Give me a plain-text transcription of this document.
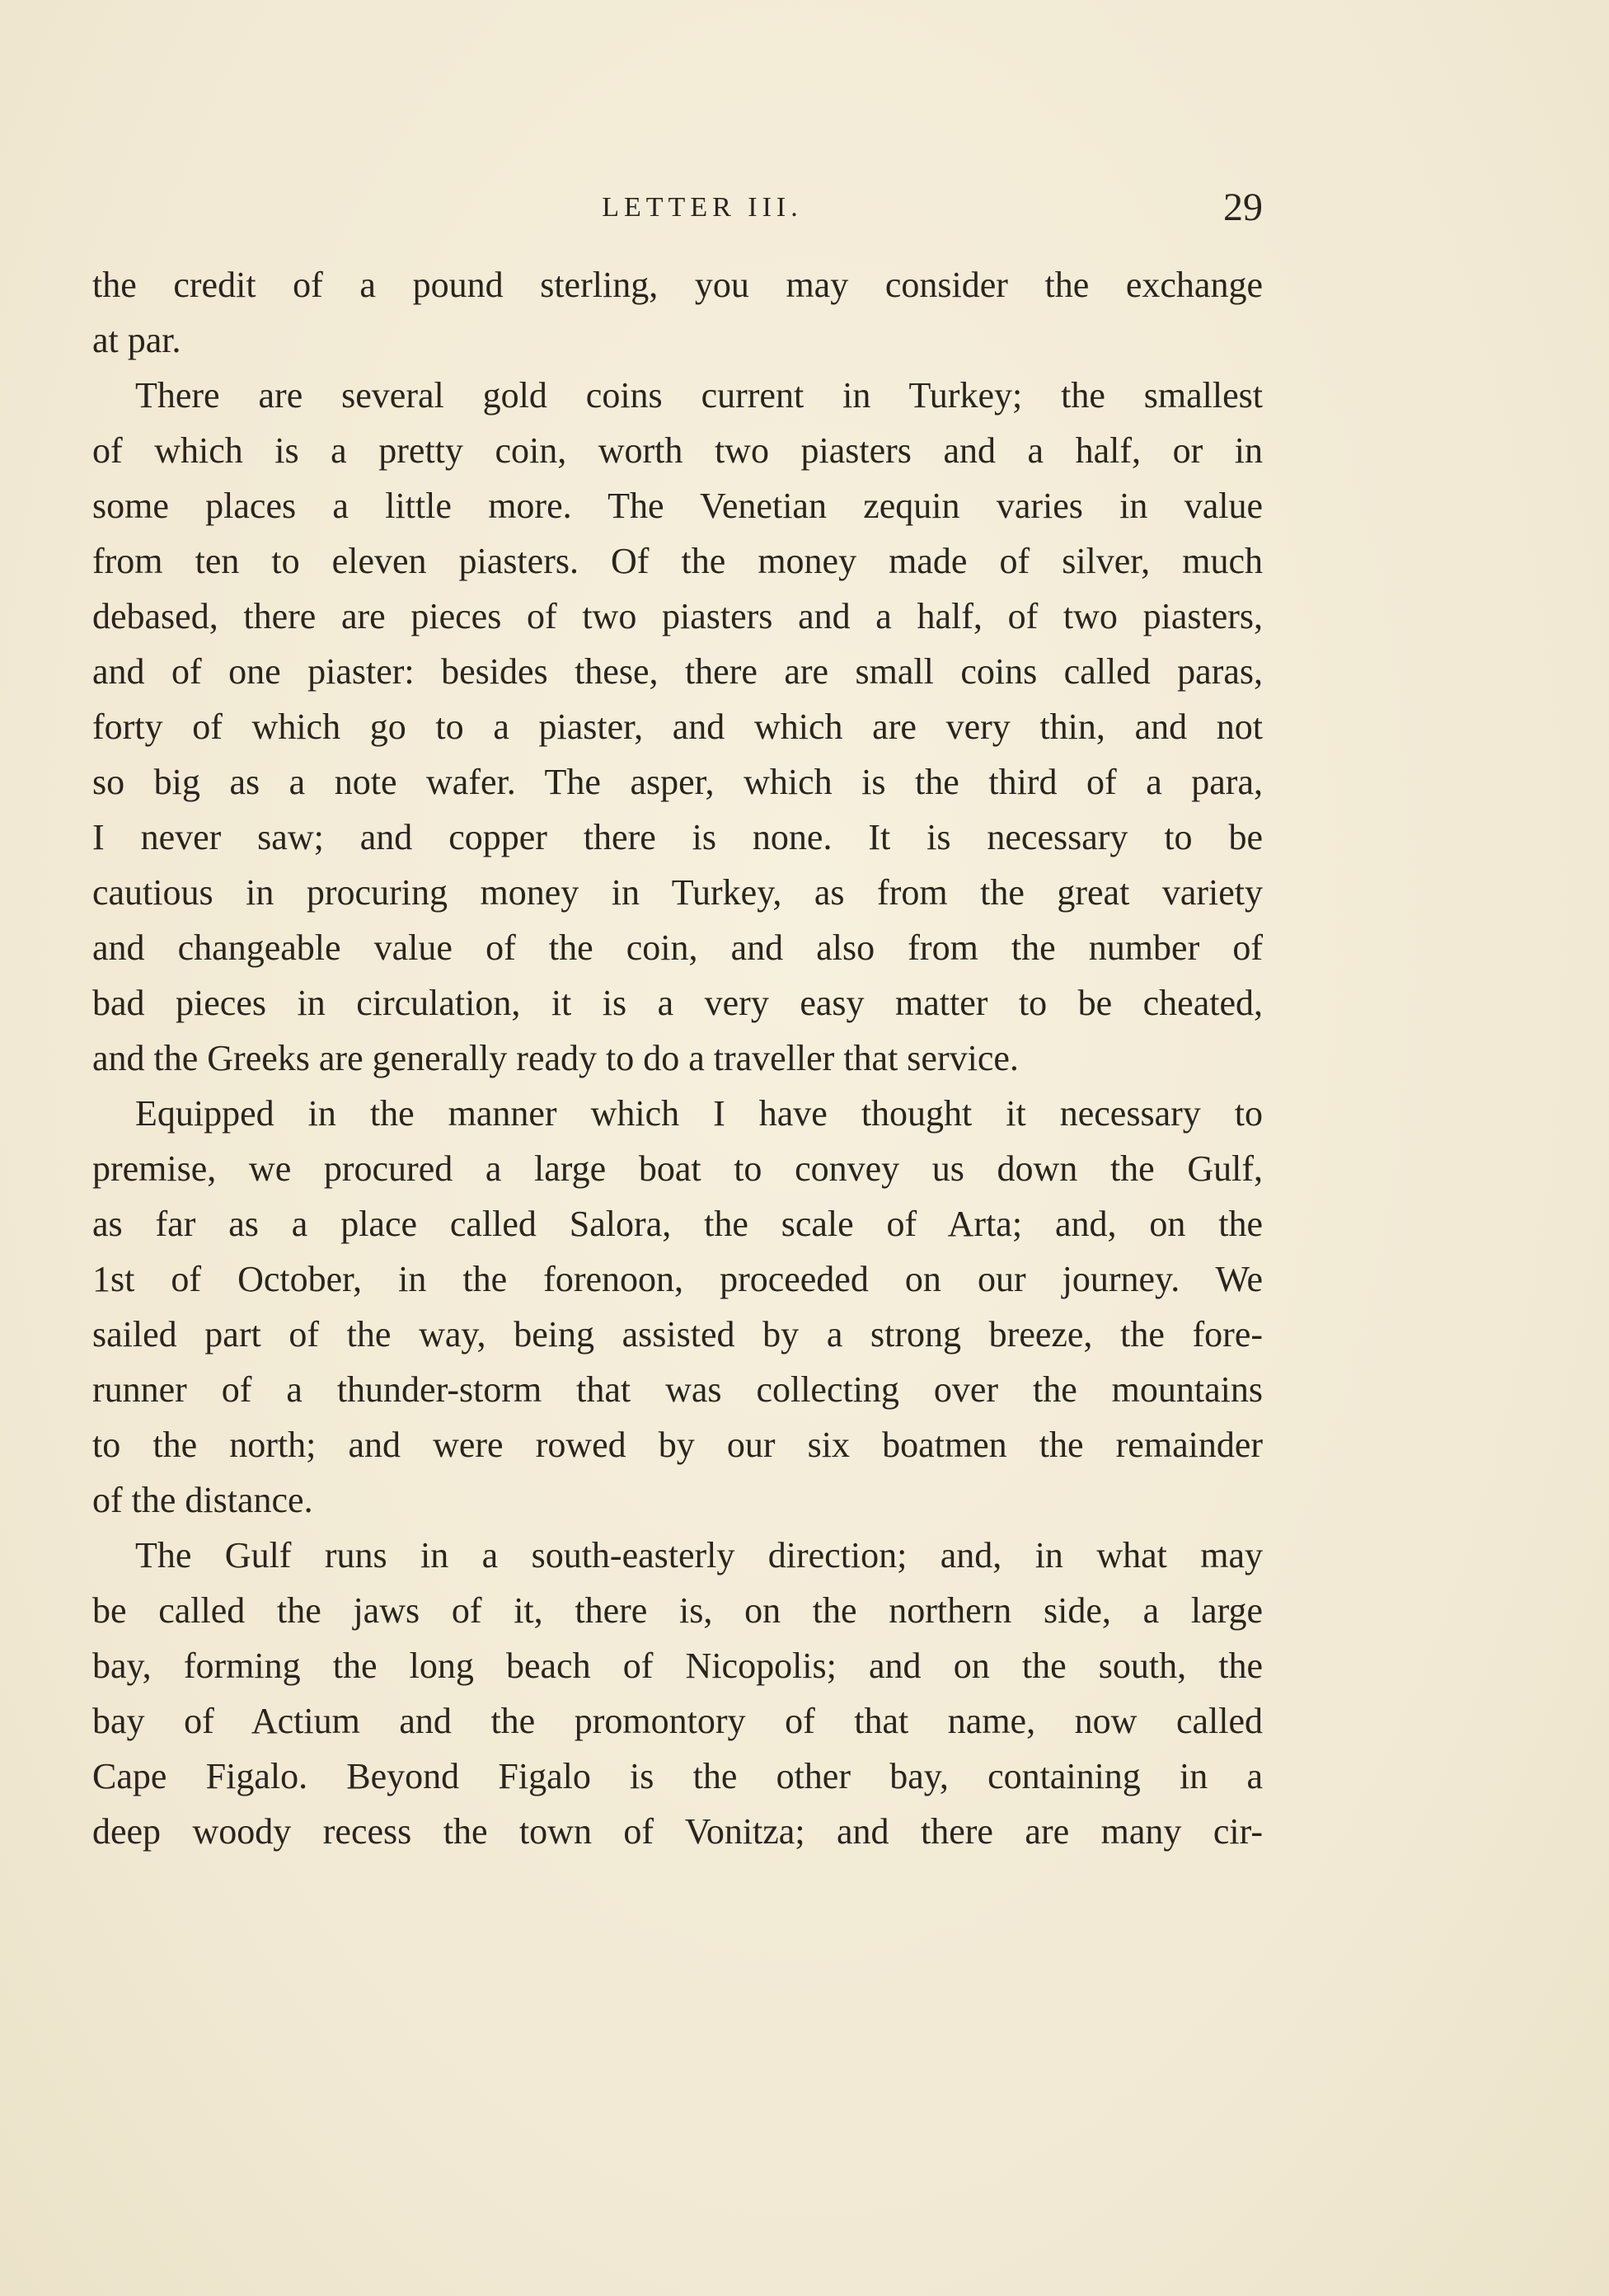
LETTER III.	29
the credit of a pound sterling, you may consider the exchange
at par.
There are several gold coins current in Turkey; the smallest
of which is a pretty coin, worth two piasters and a half, or in
some places a little more. The Venetian zequin varies in value
from ten to eleven piasters. Of the money made of silver, much
debased, there are pieces of two piasters and a half, of two piasters,
and of one piaster: besides these, there are small coins called paras,
forty of which go to a piaster, and which are very thin, and not
so big as a note wafer. The asper, which is the third of a para,
I never saw; and copper there is none. It is necessary to be
cautious in procuring money in Turkey, as from the great variety
and changeable value of the coin, and also from the number of
bad pieces in circulation, it is a very easy matter to be cheated,
and the Greeks are generally ready to do a traveller that service.
Equipped in the manner which I have thought it necessary to
premise, we procured a large boat to convey us down the Gulf,
as far as a place called Salora, the scale of Arta; and, on the
1st of October, in the forenoon, proceeded on our journey. We
sailed part of the way, being assisted by a strong breeze, the fore-
runner of a thunder-storm that was collecting over the mountains
to the north; and were rowed by our six boatmen the remainder
of the distance.
The Gulf runs in a south-easterly direction; and, in what may
be called the jaws of it, there is, on the northern side, a large
bay, forming the long beach of Nicopolis; and on the south, the
bay of Actium and the promontory of that name, now called
Cape Figalo. Beyond Figalo is the other bay, containing in a
deep woody recess the town of Vonitza; and there are many cir-
